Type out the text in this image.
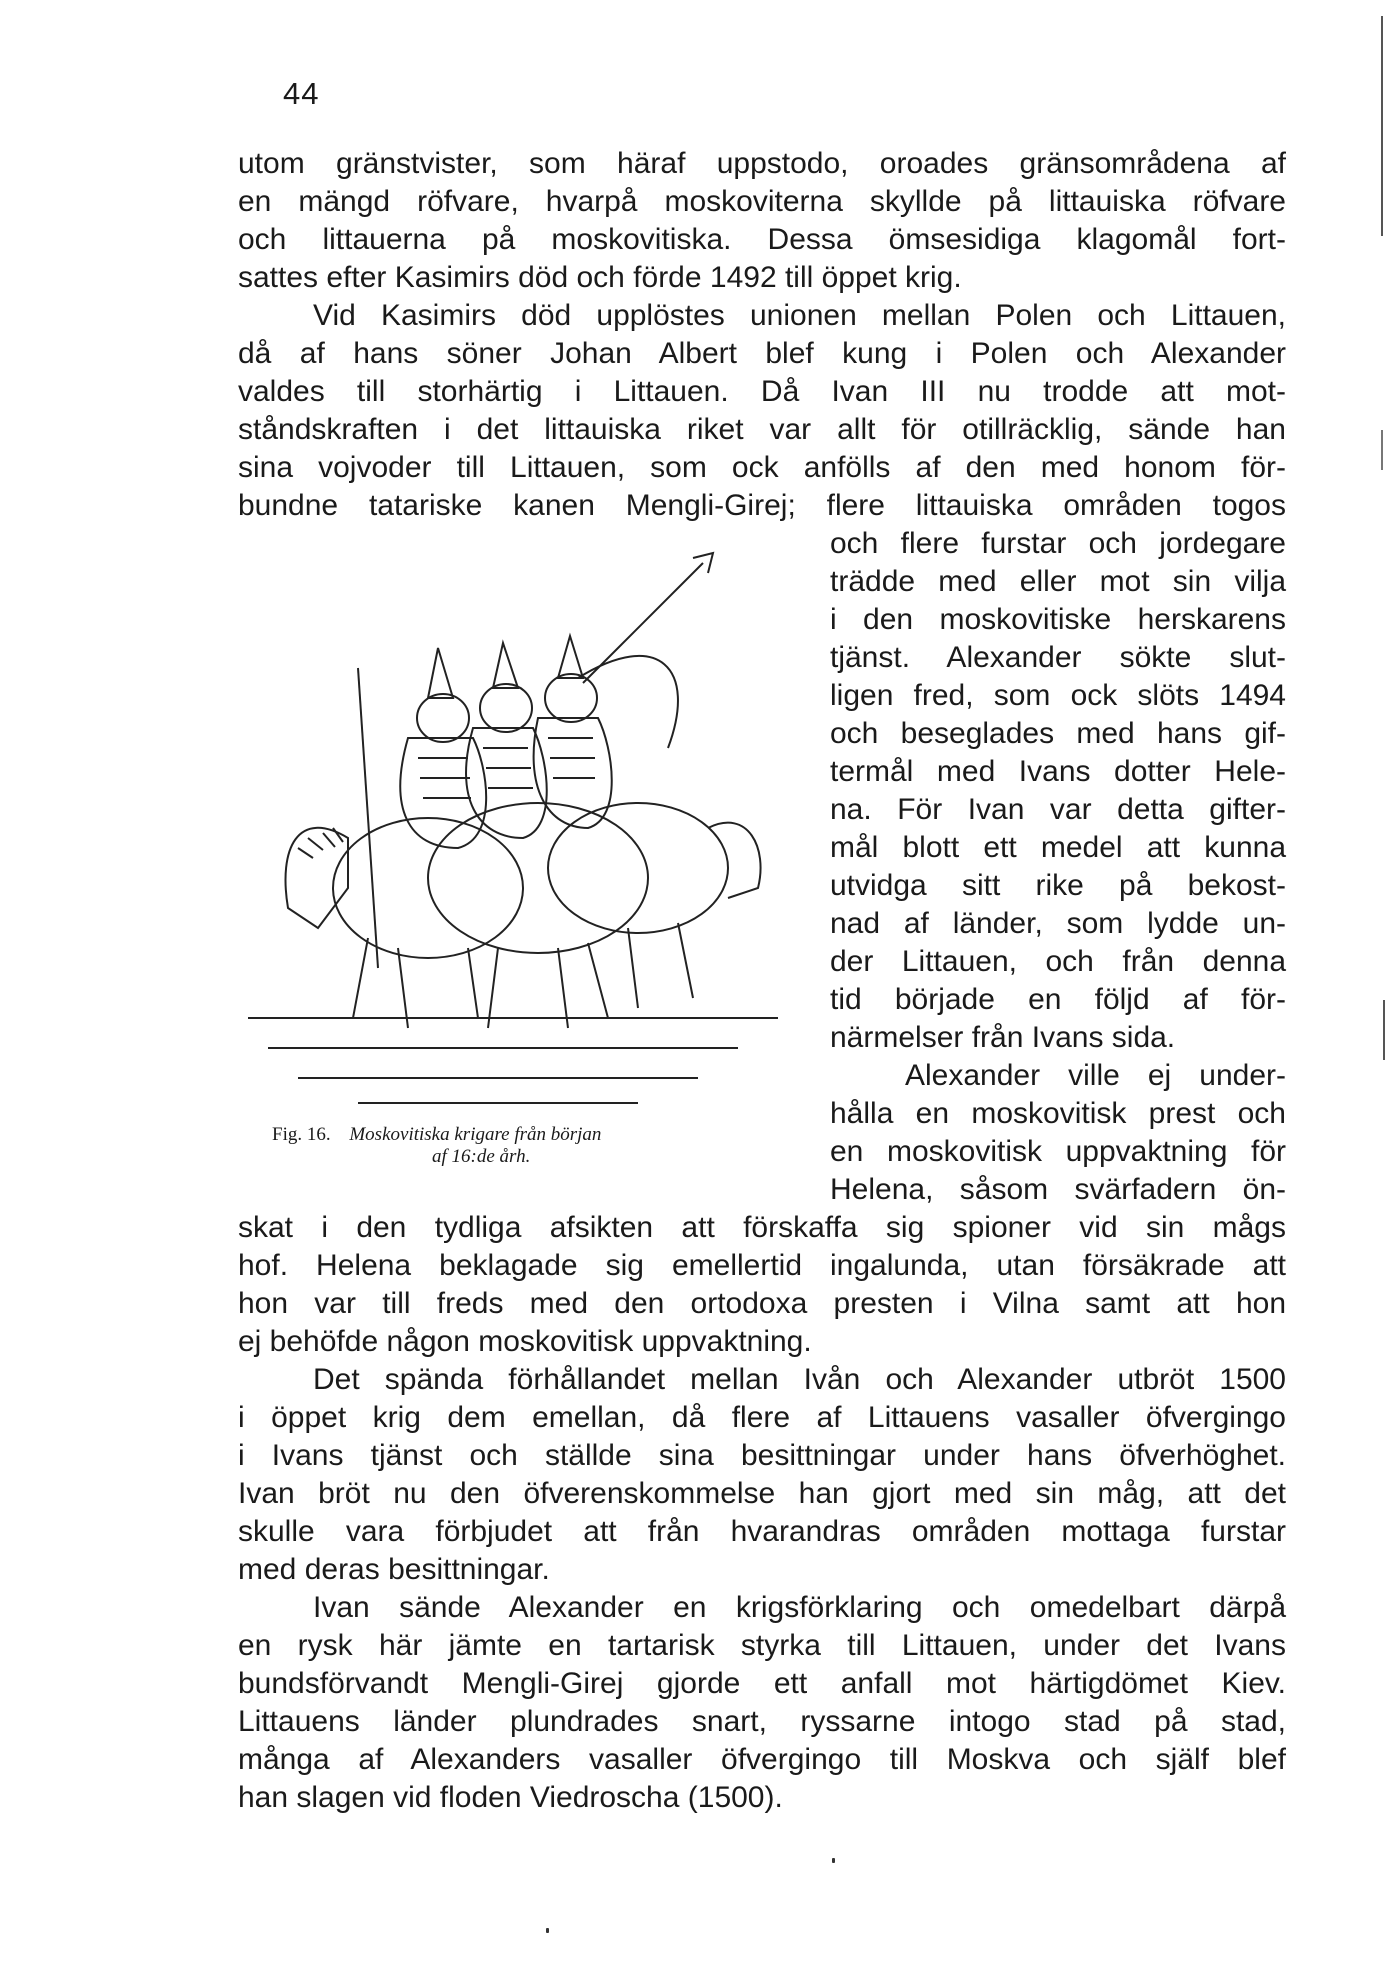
44
utom gränstvister, som häraf uppstodo, oroades gränsområdena af
en mängd röfvare, hvarpå moskoviterna skyllde på littauiska röfvare
och littauerna på moskovitiska. Dessa ömsesidiga klagomål fort-
sattes efter Kasimirs död och förde 1492 till öppet krig.
Vid Kasimirs död upplöstes unionen mellan Polen och Littauen,
då af hans söner Johan Albert blef kung i Polen och Alexander
valdes till storhärtig i Littauen. Då Ivan III nu trodde att mot-
ståndskraften i det littauiska riket var allt för otillräcklig, sände han
sina vojvoder till Littauen, som ock anfölls af den med honom för-
bundne tatariske kanen Mengli-Girej; flere littauiska områden togos
Fig. 16. Moskovitiska krigare från början
af 16:de årh.
och flere furstar och jordegare
trädde med eller mot sin vilja
i den moskovitiske herskarens
tjänst. Alexander sökte slut-
ligen fred, som ock slöts 1494
och beseglades med hans gif-
termål med Ivans dotter Hele-
na. För Ivan var detta gifter-
mål blott ett medel att kunna
utvidga sitt rike på bekost-
nad af länder, som lydde un-
der Littauen, och från denna
tid började en följd af för-
närmelser från Ivans sida.
Alexander ville ej under-
hålla en moskovitisk prest och
en moskovitisk uppvaktning för
Helena, såsom svärfadern ön-
skat i den tydliga afsikten att förskaffa sig spioner vid sin mågs
hof. Helena beklagade sig emellertid ingalunda, utan försäkrade att
hon var till freds med den ortodoxa presten i Vilna samt att hon
ej behöfde någon moskovitisk uppvaktning.
Det spända förhållandet mellan Ivån och Alexander utbröt 1500
i öppet krig dem emellan, då flere af Littauens vasaller öfvergingo
i Ivans tjänst och ställde sina besittningar under hans öfverhöghet.
Ivan bröt nu den öfverenskommelse han gjort med sin måg, att det
skulle vara förbjudet att från hvarandras områden mottaga furstar
med deras besittningar.
Ivan sände Alexander en krigsförklaring och omedelbart därpå
en rysk här jämte en tartarisk styrka till Littauen, under det Ivans
bundsförvandt Mengli-Girej gjorde ett anfall mot härtigdömet Kiev.
Littauens länder plundrades snart, ryssarne intogo stad på stad,
många af Alexanders vasaller öfvergingo till Moskva och själf blef
han slagen vid floden Viedroscha (1500).
